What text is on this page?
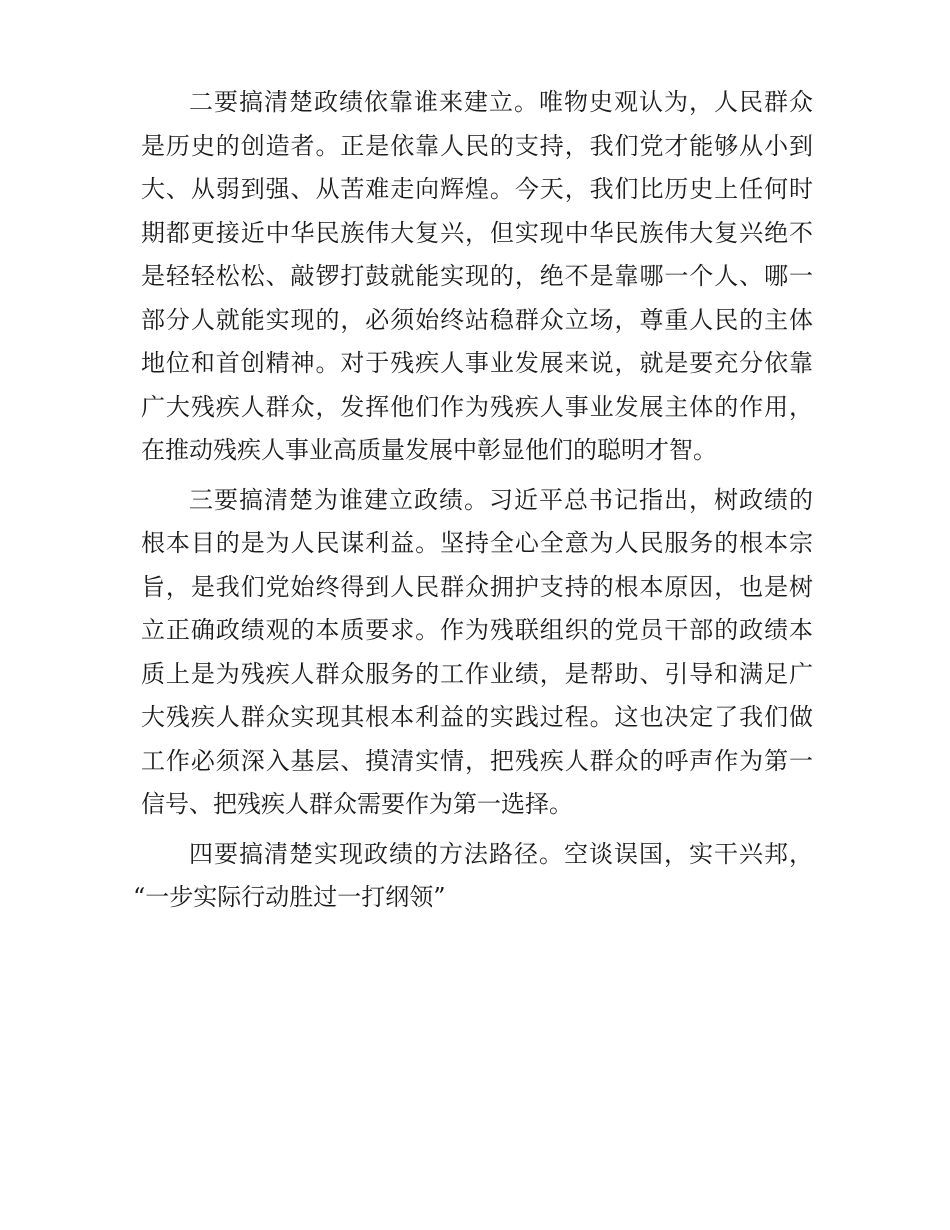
二要搞清楚政绩依靠谁来建立。唯物史观认为，人民群众
是历史的创造者。正是依靠人民的支持，我们党才能够从小到
大、从弱到强、从苦难走向辉煌。今天，我们比历史上任何时
期都更接近中华民族伟大复兴，但实现中华民族伟大复兴绝不
是轻轻松松、敲锣打鼓就能实现的，绝不是靠哪一个人、哪一
部分人就能实现的，必须始终站稳群众立场，尊重人民的主体
地位和首创精神。对于残疾人事业发展来说，就是要充分依靠
广大残疾人群众，发挥他们作为残疾人事业发展主体的作用，
在推动残疾人事业高质量发展中彰显他们的聪明才智。
三要搞清楚为谁建立政绩。习近平总书记指出，树政绩的
根本目的是为人民谋利益。坚持全心全意为人民服务的根本宗
旨，是我们党始终得到人民群众拥护支持的根本原因，也是树
立正确政绩观的本质要求。作为残联组织的党员干部的政绩本
质上是为残疾人群众服务的工作业绩，是帮助、引导和满足广
大残疾人群众实现其根本利益的实践过程。这也决定了我们做
工作必须深入基层、摸清实情，把残疾人群众的呼声作为第一
信号、把残疾人群众需要作为第一选择。
四要搞清楚实现政绩的方法路径。空谈误国，实干兴邦，
“一步实际行动胜过一打纲领”
